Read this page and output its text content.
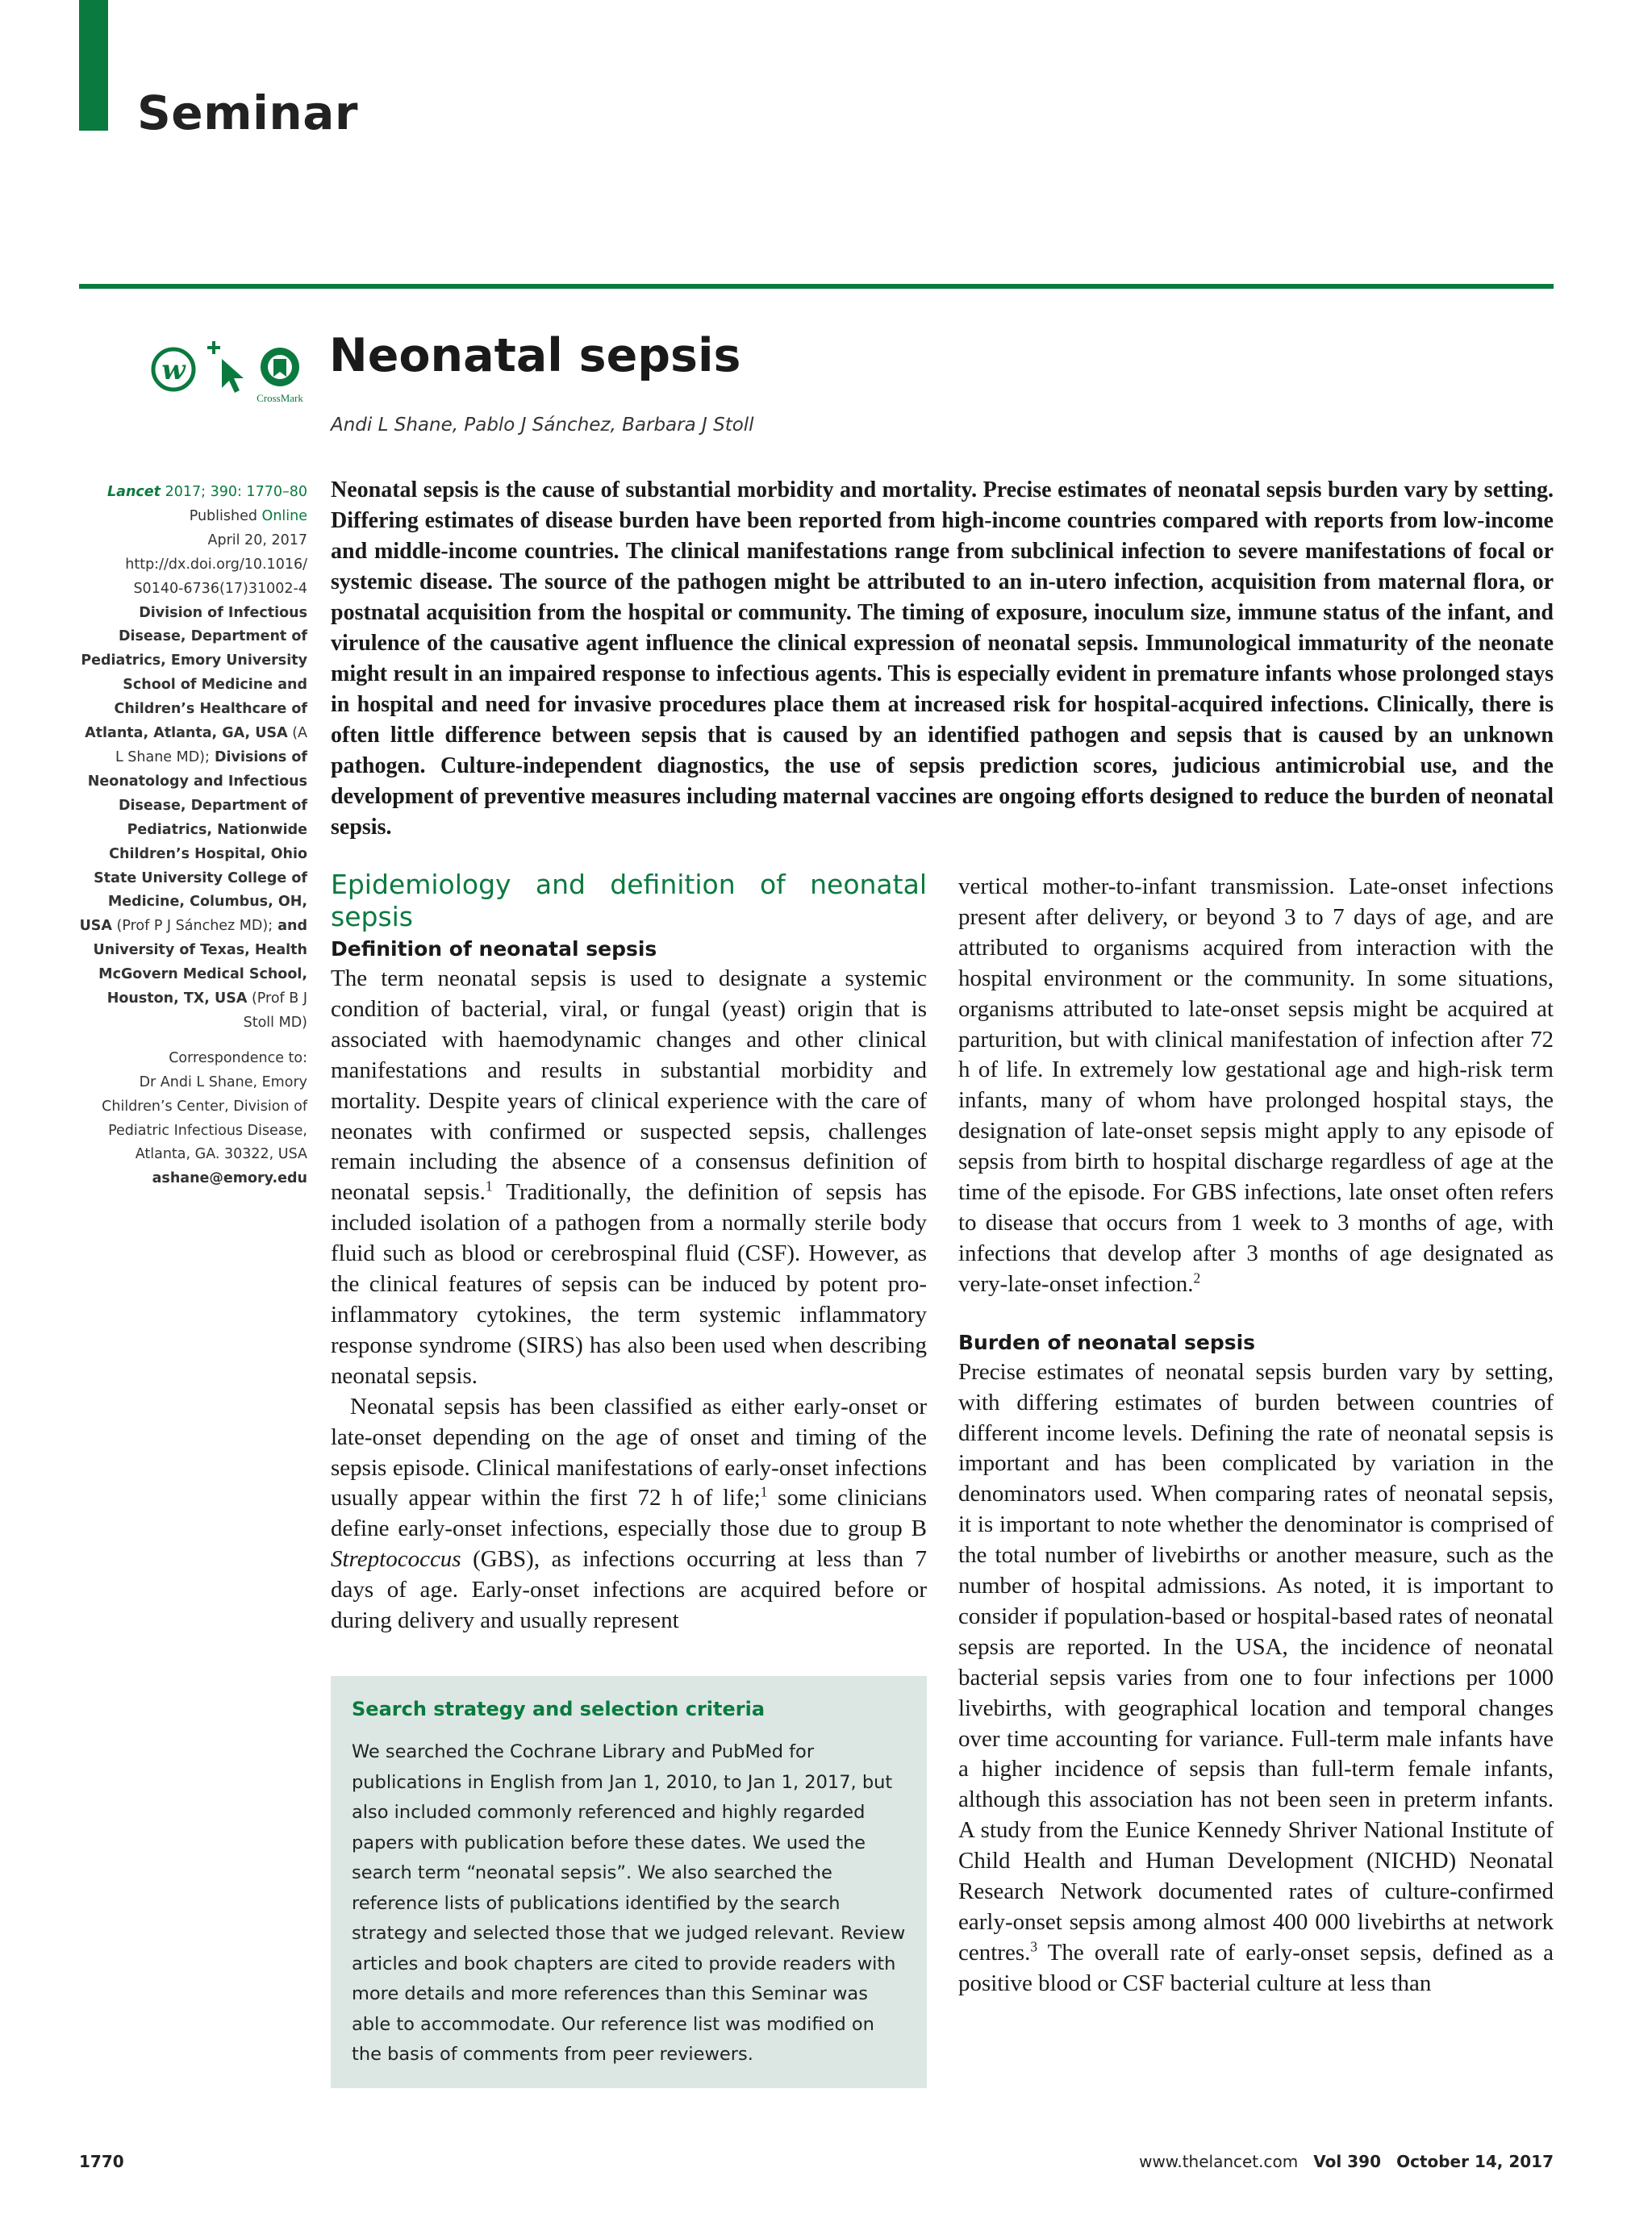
Seminar
w
CrossMark
Neonatal sepsis
Andi L Shane, Pablo J Sánchez, Barbara J Stoll

Lancet 2017; 390: 1770–80

Published Online

April 20, 2017

http://dx.doi.org/10.1016/

S0140-6736(17)31002-4

Division of Infectious Disease, Department of Pediatrics, Emory University School of Medicine and Children’s Healthcare of Atlanta, Atlanta, GA, USA (A L Shane MD); Divisions of Neonatology and Infectious Disease, Department of Pediatrics, Nationwide Children’s Hospital, Ohio State University College of Medicine, Columbus, OH, USA (Prof P J Sánchez MD); and University of Texas, Health McGovern Medical School, Houston, TX, USA (Prof B J Stoll MD)

Correspondence to:
Dr Andi L Shane, Emory Children’s Center, Division of Pediatric Infectious Disease, Atlanta, GA. 30322, USA
ashane@emory.edu

Neonatal sepsis is the cause of substantial morbidity and mortality. Precise estimates of neonatal sepsis burden vary by setting. Differing estimates of disease burden have been reported from high-income countries compared with reports from low-income and middle-income countries. The clinical manifestations range from subclinical infection to severe manifestations of focal or systemic disease. The source of the pathogen might be attributed to an in-utero infection, acquisition from maternal flora, or postnatal acquisition from the hospital or community. The timing of exposure, inoculum size, immune status of the infant, and virulence of the causative agent influence the clinical expression of neonatal sepsis. Immunological immaturity of the neonate might result in an impaired response to infectious agents. This is especially evident in premature infants whose prolonged stays in hospital and need for invasive procedures place them at increased risk for hospital-acquired infections. Clinically, there is often little difference between sepsis that is caused by an identified pathogen and sepsis that is caused by an unknown pathogen. Culture-independent diagnostics, the use of sepsis prediction scores, judicious antimicrobial use, and the development of preventive measures including maternal vaccines are ongoing efforts designed to reduce the burden of neonatal sepsis.

Epidemiology and definition of neonatal sepsis
Definition of neonatal sepsis

The term neonatal sepsis is used to designate a systemic condition of bacterial, viral, or fungal (yeast) origin that is associated with haemodynamic changes and other clinical manifestations and results in substantial morbidity and mortality. Despite years of clinical experience with the care of neonates with confirmed or suspected sepsis, challenges remain including the absence of a consensus definition of neonatal sepsis.$^1$ Traditionally, the definition of sepsis has included isolation of a pathogen from a normally sterile body fluid such as blood or cerebrospinal fluid (CSF). However, as the clinical features of sepsis can be induced by potent pro-inflammatory cytokines, the term systemic inflammatory response syndrome (SIRS) has also been used when describing neonatal sepsis.

Neonatal sepsis has been classified as either early-onset or late-onset depending on the age of onset and timing of the sepsis episode. Clinical manifestations of early-onset infections usually appear within the first 72 h of life;$^1$ some clinicians define early-onset infections, especially those due to group B Streptococcus (GBS), as infections occurring at less than 7 days of age. Early-onset infections are acquired before or during delivery and usually represent

Search strategy and selection criteria

We searched the Cochrane Library and PubMed for publications in English from Jan 1, 2010, to Jan 1, 2017, but also included commonly referenced and highly regarded papers with publication before these dates. We used the search term “neonatal sepsis”. We also searched the reference lists of publications identified by the search strategy and selected those that we judged relevant. Review articles and book chapters are cited to provide readers with more details and more references than this Seminar was able to accommodate. Our reference list was modified on the basis of comments from peer reviewers.

vertical mother-to-infant transmission. Late-onset infections present after delivery, or beyond 3 to 7 days of age, and are attributed to organisms acquired from interaction with the hospital environment or the community. In some situations, organisms attributed to late-onset sepsis might be acquired at parturition, but with clinical manifestation of infection after 72 h of life. In extremely low gestational age and high-risk term infants, many of whom have prolonged hospital stays, the designation of late-onset sepsis might apply to any episode of sepsis from birth to hospital discharge regardless of age at the time of the episode. For GBS infections, late onset often refers to disease that occurs from 1 week to 3 months of age, with infections that develop after 3 months of age designated as very-late-onset infection.$^2$

Burden of neonatal sepsis

Precise estimates of neonatal sepsis burden vary by setting, with differing estimates of burden between countries of different income levels. Defining the rate of neonatal sepsis is important and has been complicated by variation in the denominators used. When comparing rates of neonatal sepsis, it is important to note whether the denominator is comprised of the total number of livebirths or another measure, such as the number of hospital admissions. As noted, it is important to consider if population-based or hospital-based rates of neonatal sepsis are reported. In the USA, the incidence of neonatal bacterial sepsis varies from one to four infections per 1000 livebirths, with geographical location and temporal changes over time accounting for variance. Full-term male infants have a higher incidence of sepsis than full-term female infants, although this association has not been seen in preterm infants. A study from the Eunice Kennedy Shriver National Institute of Child Health and Human Development (NICHD) Neonatal Research Network documented rates of culture-confirmed early-onset sepsis among almost 400 000 livebirths at network centres.$^3$ The overall rate of early-onset sepsis, defined as a positive blood or CSF bacterial culture at less than

1770	www.thelancet.com Vol 390 October 14, 2017
